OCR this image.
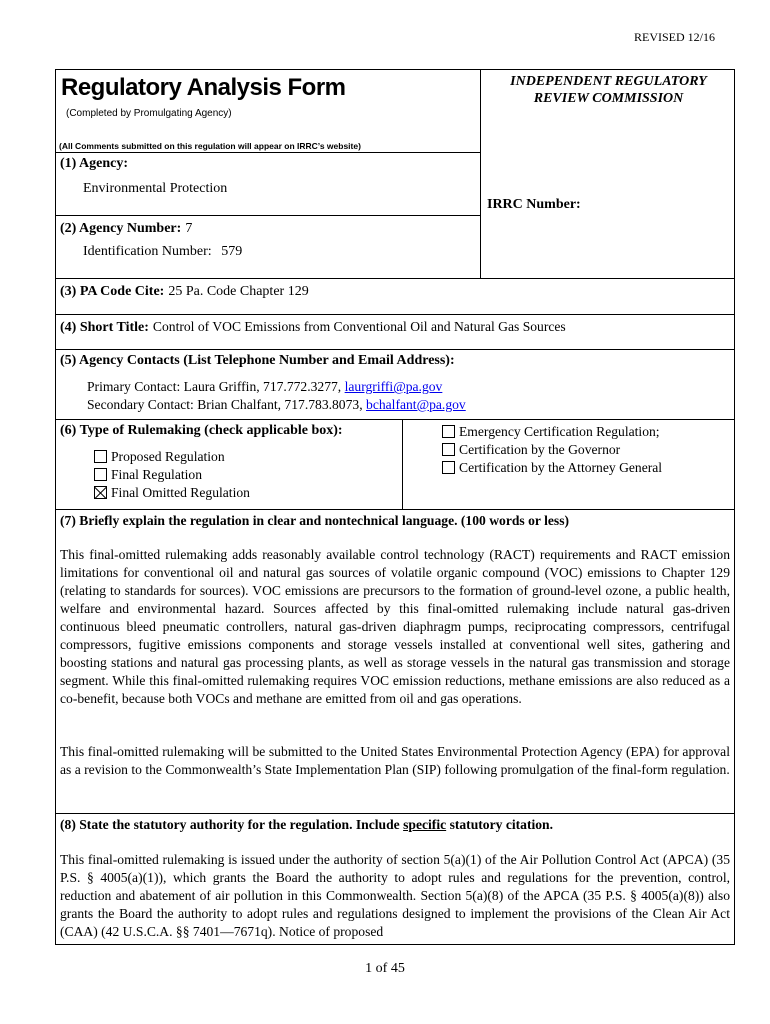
REVISED 12/16
Regulatory Analysis Form
(Completed by Promulgating Agency)
(All Comments submitted on this regulation will appear on IRRC’s website)
INDEPENDENT REGULATORY
REVIEW COMMISSION
IRRC Number:
(1) Agency:
Environmental Protection
(2) Agency Number: 7
Identification Number: 579
(3) PA Code Cite: 25 Pa. Code Chapter 129
(4) Short Title: Control of VOC Emissions from Conventional Oil and Natural Gas Sources
(5) Agency Contacts (List Telephone Number and Email Address):
Primary Contact: Laura Griffin, 717.772.3277, laurgriffi@pa.gov
Secondary Contact: Brian Chalfant, 717.783.8073, bchalfant@pa.gov
(6) Type of Rulemaking (check applicable box):
Proposed Regulation
Final Regulation
Final Omitted Regulation
Emergency Certification Regulation;
Certification by the Governor
Certification by the Attorney General
(7) Briefly explain the regulation in clear and nontechnical language. (100 words or less)
This final-omitted rulemaking adds reasonably available control technology (RACT) requirements and RACT emission limitations for conventional oil and natural gas sources of volatile organic compound (VOC) emissions to Chapter 129 (relating to standards for sources). VOC emissions are precursors to the formation of ground-level ozone, a public health, welfare and environmental hazard. Sources affected by this final-omitted rulemaking include natural gas-driven continuous bleed pneumatic controllers, natural gas-driven diaphragm pumps, reciprocating compressors, centrifugal compressors, fugitive emissions components and storage vessels installed at conventional well sites, gathering and boosting stations and natural gas processing plants, as well as storage vessels in the natural gas transmission and storage segment. While this final-omitted rulemaking requires VOC emission reductions, methane emissions are also reduced as a co-benefit, because both VOCs and methane are emitted from oil and gas operations.
This final-omitted rulemaking will be submitted to the United States Environmental Protection Agency (EPA) for approval as a revision to the Commonwealth’s State Implementation Plan (SIP) following promulgation of the final-form regulation.
(8) State the statutory authority for the regulation. Include specific statutory citation.
This final-omitted rulemaking is issued under the authority of section 5(a)(1) of the Air Pollution Control Act (APCA) (35 P.S. § 4005(a)(1)), which grants the Board the authority to adopt rules and regulations for the prevention, control, reduction and abatement of air pollution in this Commonwealth. Section 5(a)(8) of the APCA (35 P.S. § 4005(a)(8)) also grants the Board the authority to adopt rules and regulations designed to implement the provisions of the Clean Air Act (CAA) (42 U.S.C.A. §§ 7401—7671q). Notice of proposed
1 of 45
